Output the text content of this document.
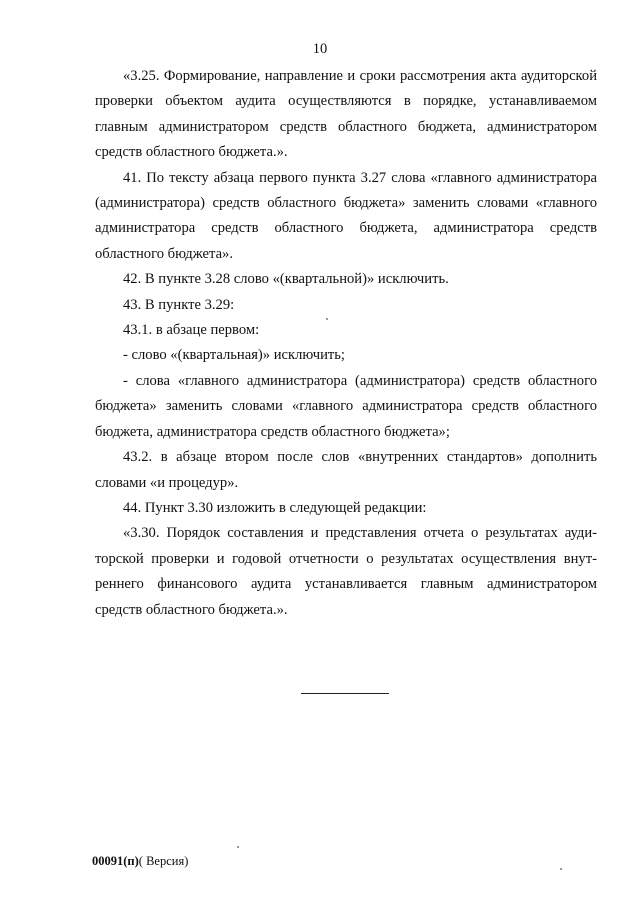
10

«3.25. Формирование, направление и сроки рассмотрения акта аудиторской проверки объектом аудита осуществляются в порядке, устанавливаемом главным администратором средств областного бюджета, администратором средств областного бюджета.».

41. По тексту абзаца первого пункта 3.27 слова «главного администратора (администратора) средств областного бюджета» заменить словами «главного администратора средств областного бюджета, администратора средств областного бюджета».

42. В пункте 3.28 слово «(квартальной)» исключить.

43. В пункте 3.29:

43.1. в абзаце первом:

- слово «(квартальная)» исключить;

- слова «главного администратора (администратора) средств областного бюджета» заменить словами «главного администратора средств областного бюджета, администратора средств областного бюджета»;

43.2. в абзаце втором после слов «внутренних стандартов» дополнить словами «и процедур».

44. Пункт 3.30 изложить в следующей редакции:

«3.30. Порядок составления и представления отчета о результатах аудиторской проверки и годовой отчетности о результатах осуществления внутреннего финансового аудита устанавливается главным администратором средств областного бюджета.».

00091(п)( Версия)
